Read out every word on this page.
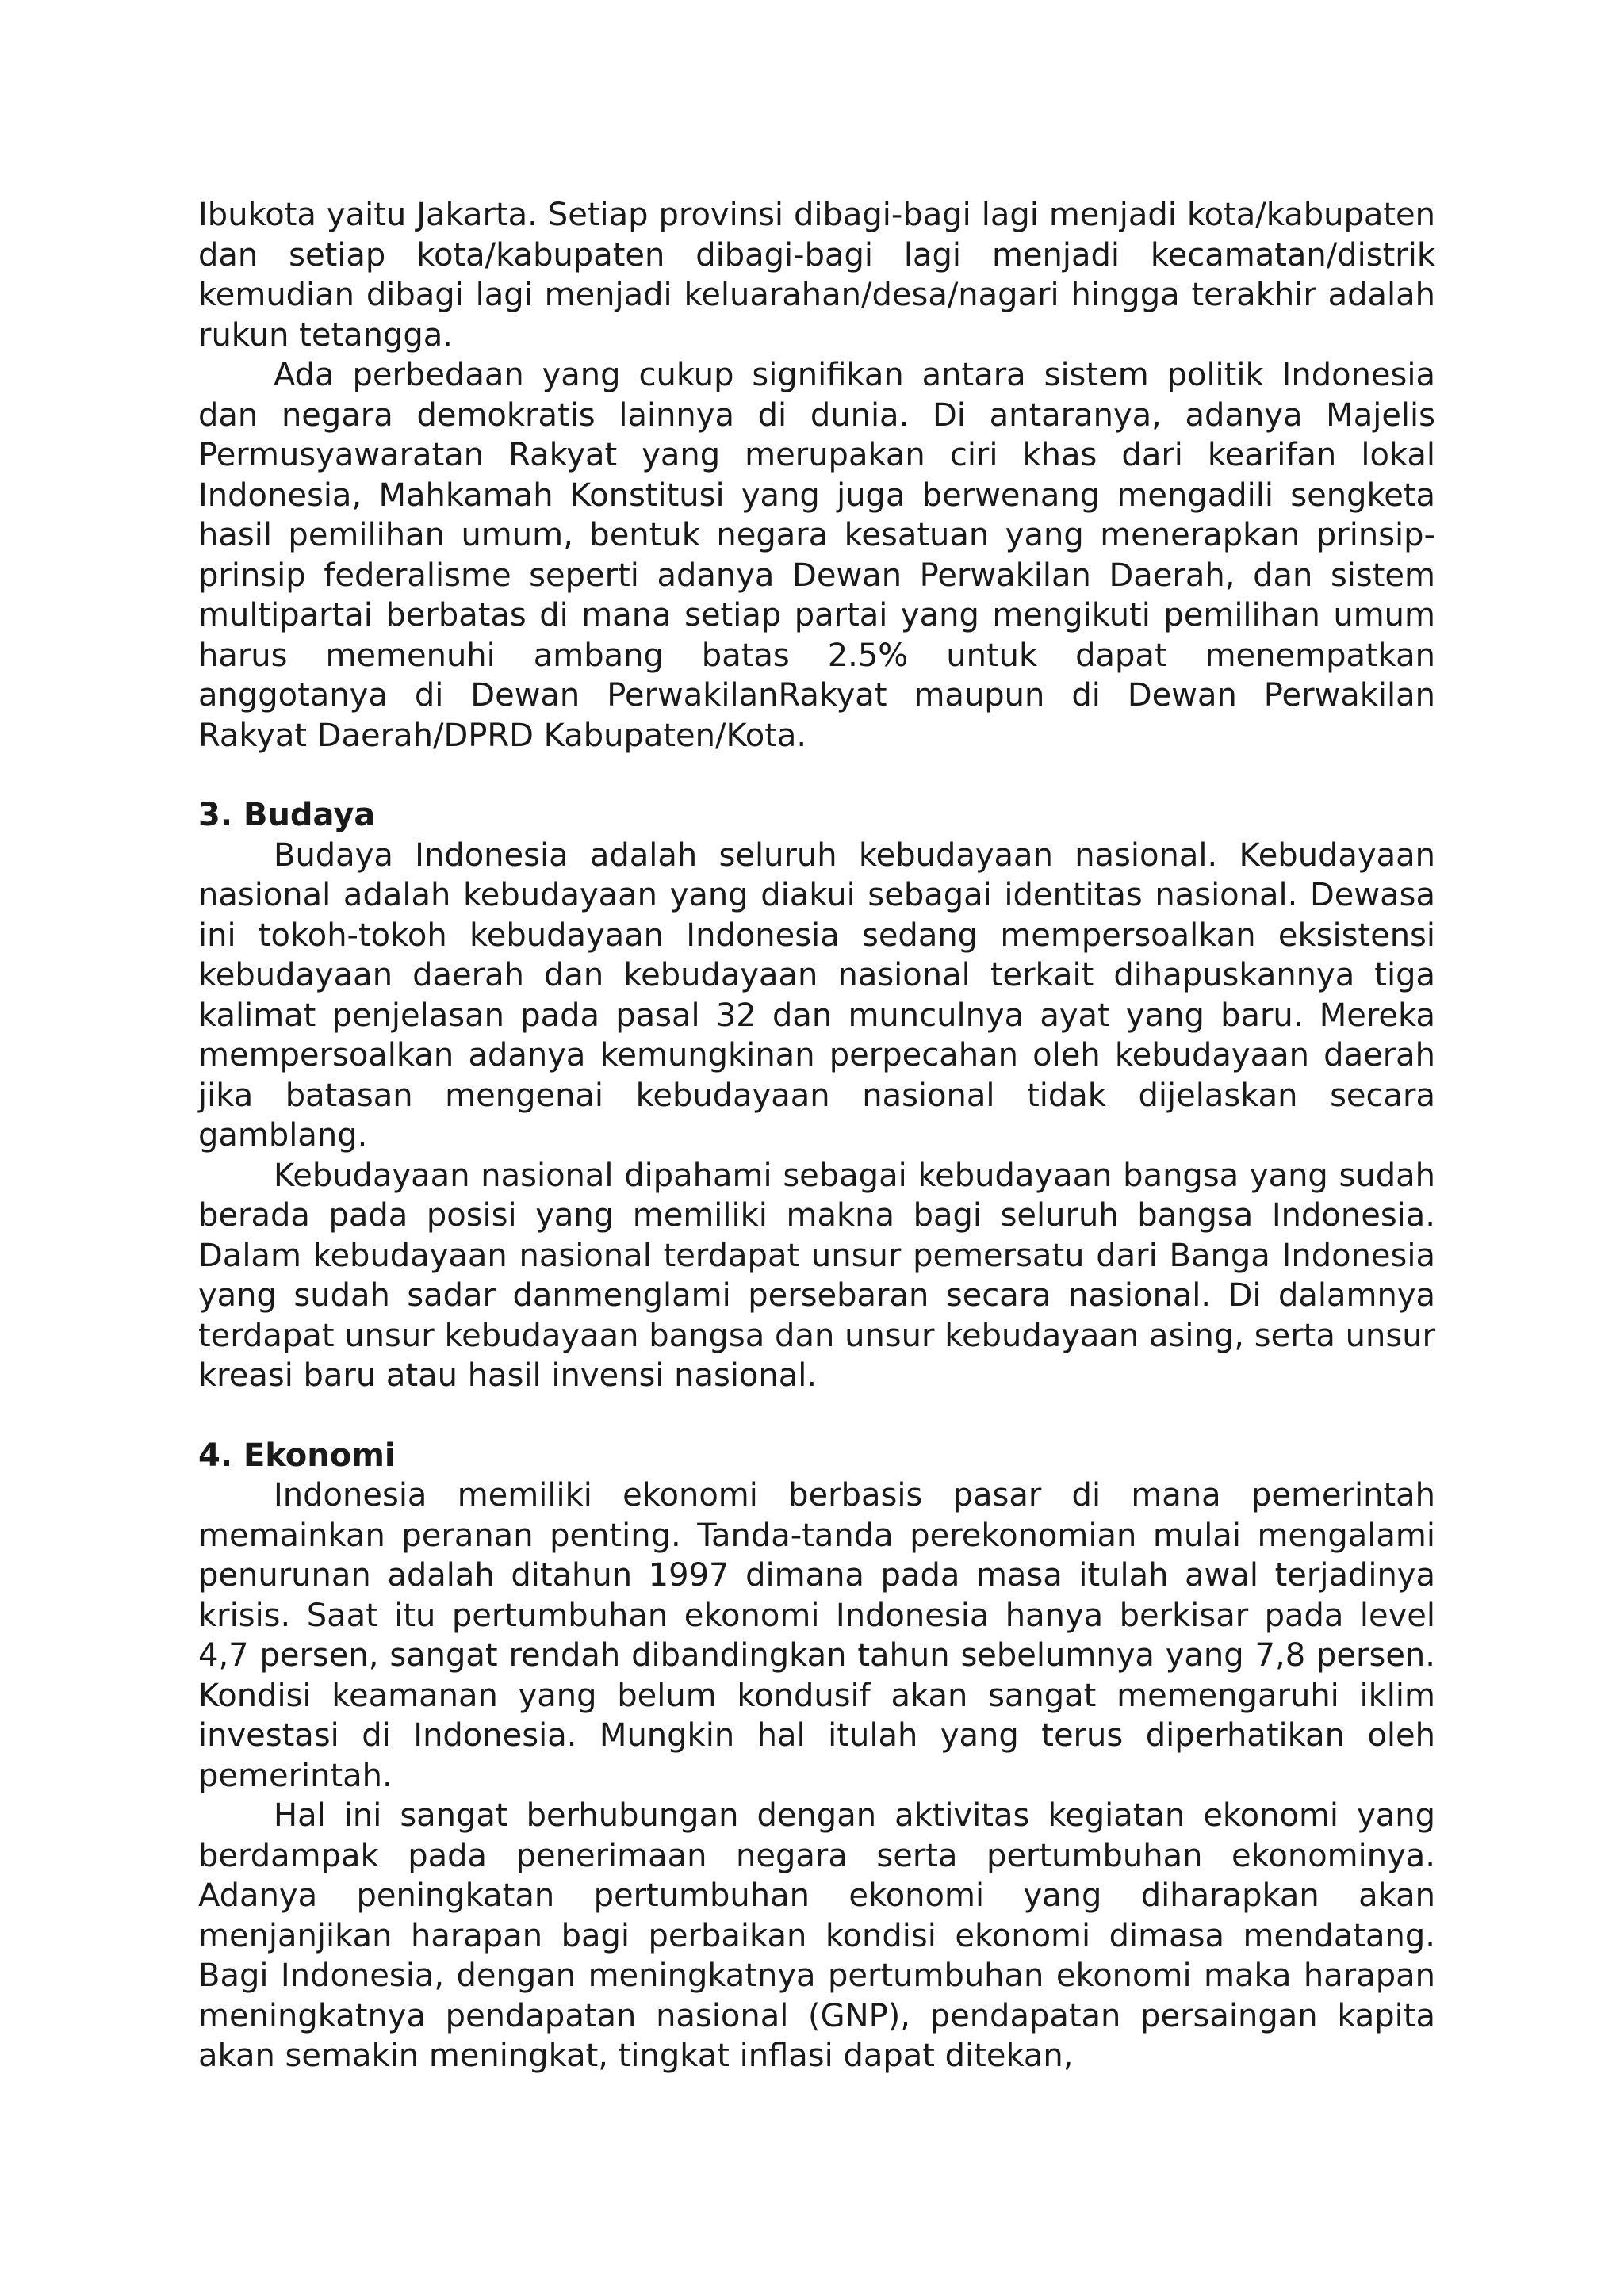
Ibukota yaitu Jakarta. Setiap provinsi dibagi-bagi lagi menjadi kota/kabupaten dan setiap kota/kabupaten dibagi-bagi lagi menjadi kecamatan/distrik kemudian dibagi lagi menjadi keluarahan/desa/nagari hingga terakhir adalah rukun tetangga.

Ada perbedaan yang cukup signifikan antara sistem politik Indonesia dan negara demokratis lainnya di dunia. Di antaranya, adanya Majelis Permusyawaratan Rakyat yang merupakan ciri khas dari kearifan lokal Indonesia, Mahkamah Konstitusi yang juga berwenang mengadili sengketa hasil pemilihan umum, bentuk negara kesatuan yang menerapkan prinsip-prinsip federalisme seperti adanya Dewan Perwakilan Daerah, dan sistem multipartai berbatas di mana setiap partai yang mengikuti pemilihan umum harus memenuhi ambang batas 2.5% untuk dapat menempatkan anggotanya di Dewan PerwakilanRakyat maupun di Dewan Perwakilan Rakyat Daerah/DPRD Kabupaten/Kota.

3. Budaya

Budaya Indonesia adalah seluruh kebudayaan nasional. Kebudayaan nasional adalah kebudayaan yang diakui sebagai identitas nasional. Dewasa ini tokoh-tokoh kebudayaan Indonesia sedang mempersoalkan eksistensi kebudayaan daerah dan kebudayaan nasional terkait dihapuskannya tiga kalimat penjelasan pada pasal 32 dan munculnya ayat yang baru. Mereka mempersoalkan adanya kemungkinan perpecahan oleh kebudayaan daerah jika batasan mengenai kebudayaan nasional tidak dijelaskan secara gamblang.

Kebudayaan nasional dipahami sebagai kebudayaan bangsa yang sudah berada pada posisi yang memiliki makna bagi seluruh bangsa Indonesia. Dalam kebudayaan nasional terdapat unsur pemersatu dari Banga Indonesia yang sudah sadar danmenglami persebaran secara nasional. Di dalamnya terdapat unsur kebudayaan bangsa dan unsur kebudayaan asing, serta unsur kreasi baru atau hasil invensi nasional.

4. Ekonomi

Indonesia memiliki ekonomi berbasis pasar di mana pemerintah memainkan peranan penting. Tanda-tanda perekonomian mulai mengalami penurunan adalah ditahun 1997 dimana pada masa itulah awal terjadinya krisis. Saat itu pertumbuhan ekonomi Indonesia hanya berkisar pada level 4,7 persen, sangat rendah dibandingkan tahun sebelumnya yang 7,8 persen. Kondisi keamanan yang belum kondusif akan sangat memengaruhi iklim investasi di Indonesia. Mungkin hal itulah yang terus diperhatikan oleh pemerintah.

Hal ini sangat berhubungan dengan aktivitas kegiatan ekonomi yang berdampak pada penerimaan negara serta pertumbuhan ekonominya. Adanya peningkatan pertumbuhan ekonomi yang diharapkan akan menjanjikan harapan bagi perbaikan kondisi ekonomi dimasa mendatang. Bagi Indonesia, dengan meningkatnya pertumbuhan ekonomi maka harapan meningkatnya pendapatan nasional (GNP), pendapatan persaingan kapita akan semakin meningkat, tingkat inflasi dapat ditekan,
